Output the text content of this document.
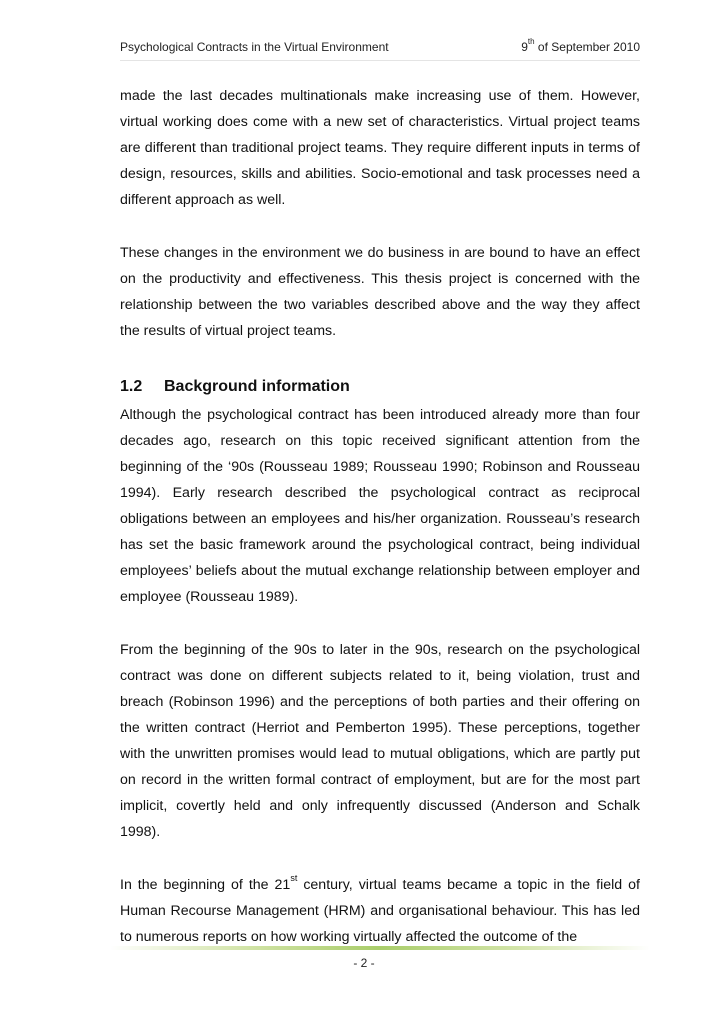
Psychological Contracts in the Virtual Environment	9th of September 2010

made the last decades multinationals make increasing use of them. However, virtual working does come with a new set of characteristics. Virtual project teams are different than traditional project teams. They require different inputs in terms of design, resources, skills and abilities. Socio-emotional and task processes need a different approach as well.

These changes in the environment we do business in are bound to have an effect on the productivity and effectiveness. This thesis project is concerned with the relationship between the two variables described above and the way they affect the results of virtual project teams.

1.2 Background information

Although the psychological contract has been introduced already more than four decades ago, research on this topic received significant attention from the beginning of the ‘90s (Rousseau 1989; Rousseau 1990; Robinson and Rousseau 1994). Early research described the psychological contract as reciprocal obligations between an employees and his/her organization. Rousseau’s research has set the basic framework around the psychological contract, being individual employees’ beliefs about the mutual exchange relationship between employer and employee (Rousseau 1989).

From the beginning of the 90s to later in the 90s, research on the psychological contract was done on different subjects related to it, being violation, trust and breach (Robinson 1996) and the perceptions of both parties and their offering on the written contract (Herriot and Pemberton 1995). These perceptions, together with the unwritten promises would lead to mutual obligations, which are partly put on record in the written formal contract of employment, but are for the most part implicit, covertly held and only infrequently discussed (Anderson and Schalk 1998).

In the beginning of the 21st century, virtual teams became a topic in the field of Human Recourse Management (HRM) and organisational behaviour. This has led to numerous reports on how working virtually affected the outcome of the

- 2 -
